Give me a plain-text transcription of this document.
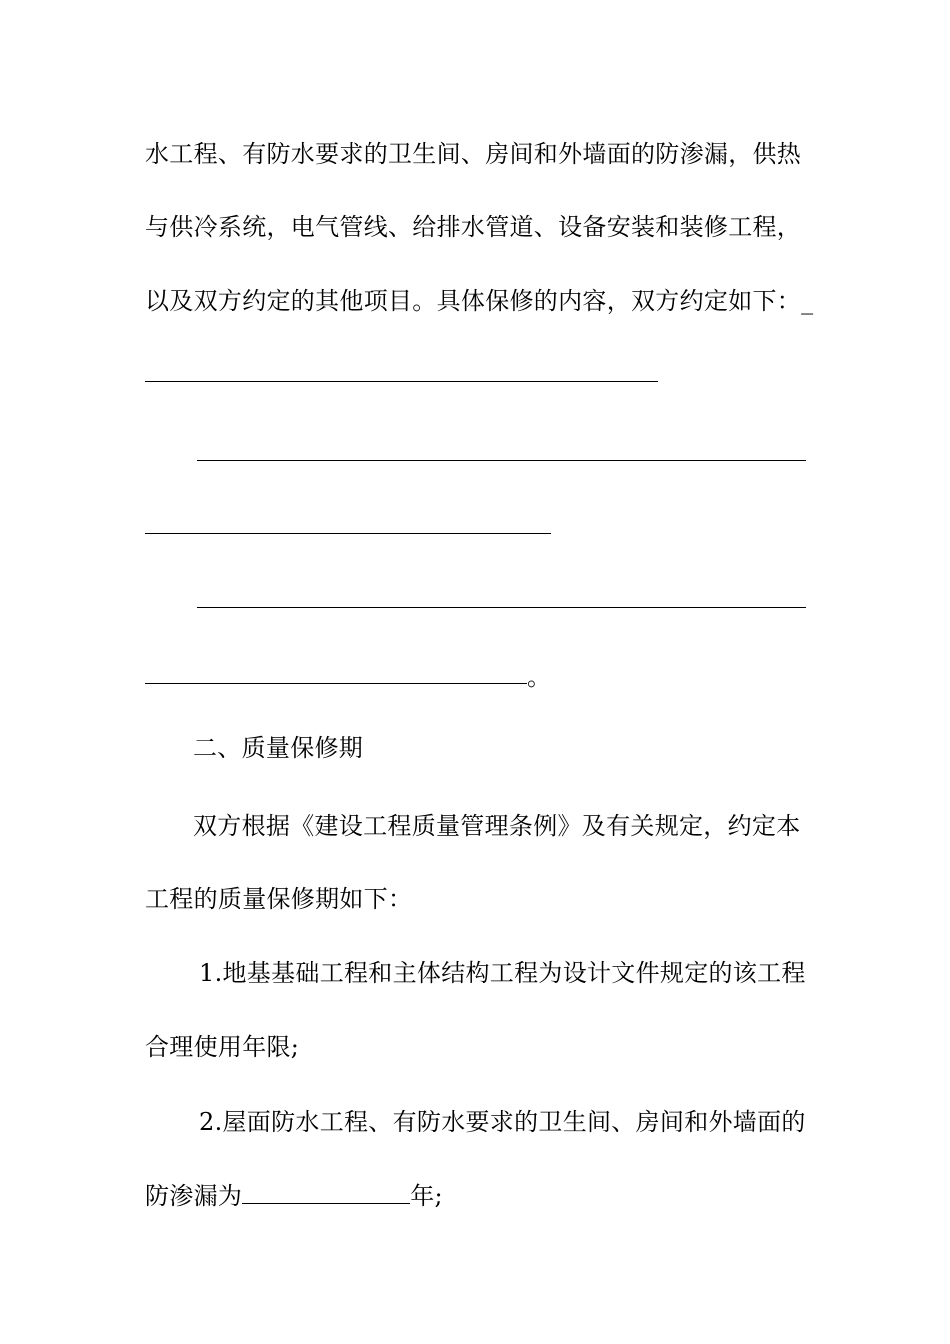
水工程、有防水要求的卫生间、房间和外墙面的防渗漏，供热
与供冷系统，电气管线、给排水管道、设备安装和装修工程，
以及双方约定的其他项目。具体保修的内容，双方约定如下：_
。
二、质量保修期
双方根据《建设工程质量管理条例》及有关规定，约定本
工程的质量保修期如下：
1.地基基础工程和主体结构工程为设计文件规定的该工程
合理使用年限;
2.屋面防水工程、有防水要求的卫生间、房间和外墙面的
防渗漏为	年;
